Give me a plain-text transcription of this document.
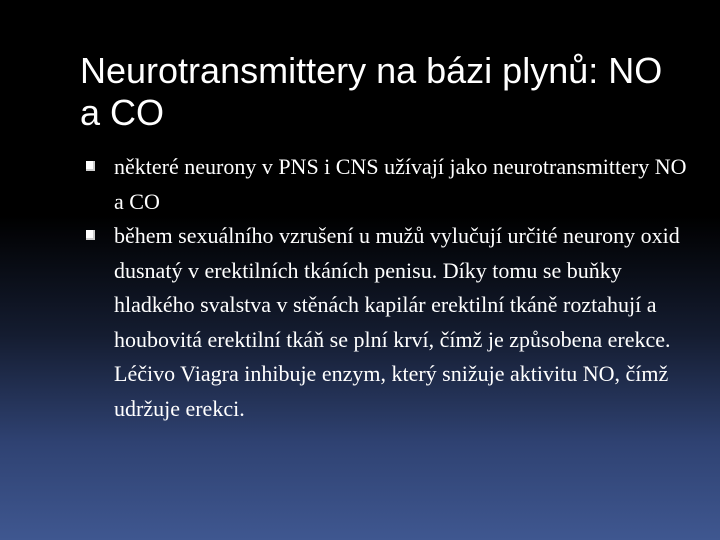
Neurotransmittery na bázi plynů: NO a CO
některé neurony v PNS i CNS užívají jako neurotransmittery NO a CO
během sexuálního vzrušení u mužů vylučují určité neurony oxid dusnatý v erektilních tkáních penisu. Díky tomu se buňky hladkého svalstva v stěnách kapilár erektilní tkáně roztahují a houbovitá erektilní tkáň se plní krví, čímž je způsobena erekce. Léčivo Viagra inhibuje enzym, který snižuje aktivitu NO, čímž udržuje erekci.
